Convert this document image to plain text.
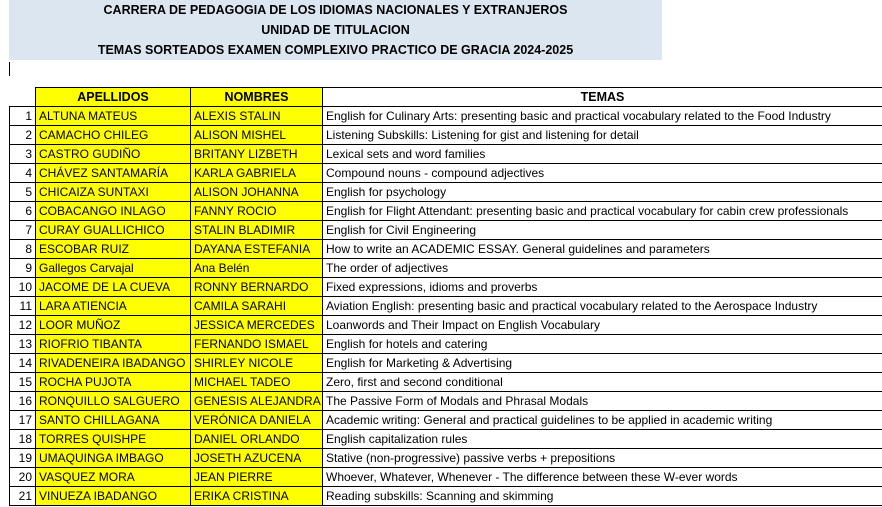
CARRERA DE PEDAGOGIA DE LOS IDIOMAS NACIONALES Y EXTRANJEROS
UNIDAD DE TITULACION
TEMAS SORTEADOS EXAMEN COMPLEXIVO PRACTICO DE GRACIA 2024-2025
	APELLIDOS	NOMBRES	TEMAS
1	ALTUNA MATEUS	ALEXIS STALIN	English for Culinary Arts: presenting basic and practical vocabulary related to the Food Industry
2	CAMACHO CHILEG	ALISON MISHEL	Listening Subskills: Listening for gist and listening for detail
3	CASTRO GUDIÑO	BRITANY LIZBETH	Lexical sets and word families
4	CHÁVEZ SANTAMARÍA	KARLA GABRIELA	Compound nouns - compound adjectives
5	CHICAIZA SUNTAXI	ALISON JOHANNA	English for psychology
6	COBACANGO INLAGO	FANNY ROCIO	English for Flight Attendant: presenting basic and practical vocabulary for cabin crew professionals
7	CURAY GUALLICHICO	STALIN BLADIMIR	English for Civil Engineering
8	ESCOBAR RUIZ	DAYANA ESTEFANIA	How to write an ACADEMIC ESSAY. General guidelines and parameters
9	Gallegos Carvajal	Ana Belén	The order of adjectives
10	JACOME DE LA CUEVA	RONNY BERNARDO	Fixed expressions, idioms and proverbs
11	LARA ATIENCIA	CAMILA SARAHI	Aviation English: presenting basic and practical vocabulary related to the Aerospace Industry
12	LOOR MUÑOZ	JESSICA MERCEDES	Loanwords and Their Impact on English Vocabulary
13	RIOFRIO TIBANTA	FERNANDO ISMAEL	English for hotels and catering
14	RIVADENEIRA IBADANGO	SHIRLEY NICOLE	English for Marketing & Advertising
15	ROCHA PUJOTA	MICHAEL TADEO	Zero, first and second conditional
16	RONQUILLO SALGUERO	GENESIS ALEJANDRA	The Passive Form of Modals and Phrasal Modals
17	SANTO CHILLAGANA	VERÓNICA DANIELA	Academic writing: General and practical guidelines to be applied in academic writing
18	TORRES QUISHPE	DANIEL ORLANDO	English capitalization rules
19	UMAQUINGA IMBAGO	JOSETH AZUCENA	Stative (non-progressive) passive verbs + prepositions
20	VASQUEZ MORA	JEAN PIERRE	Whoever, Whatever, Whenever - The difference between these W-ever words
21	VINUEZA IBADANGO	ERIKA CRISTINA	Reading subskills: Scanning and skimming
